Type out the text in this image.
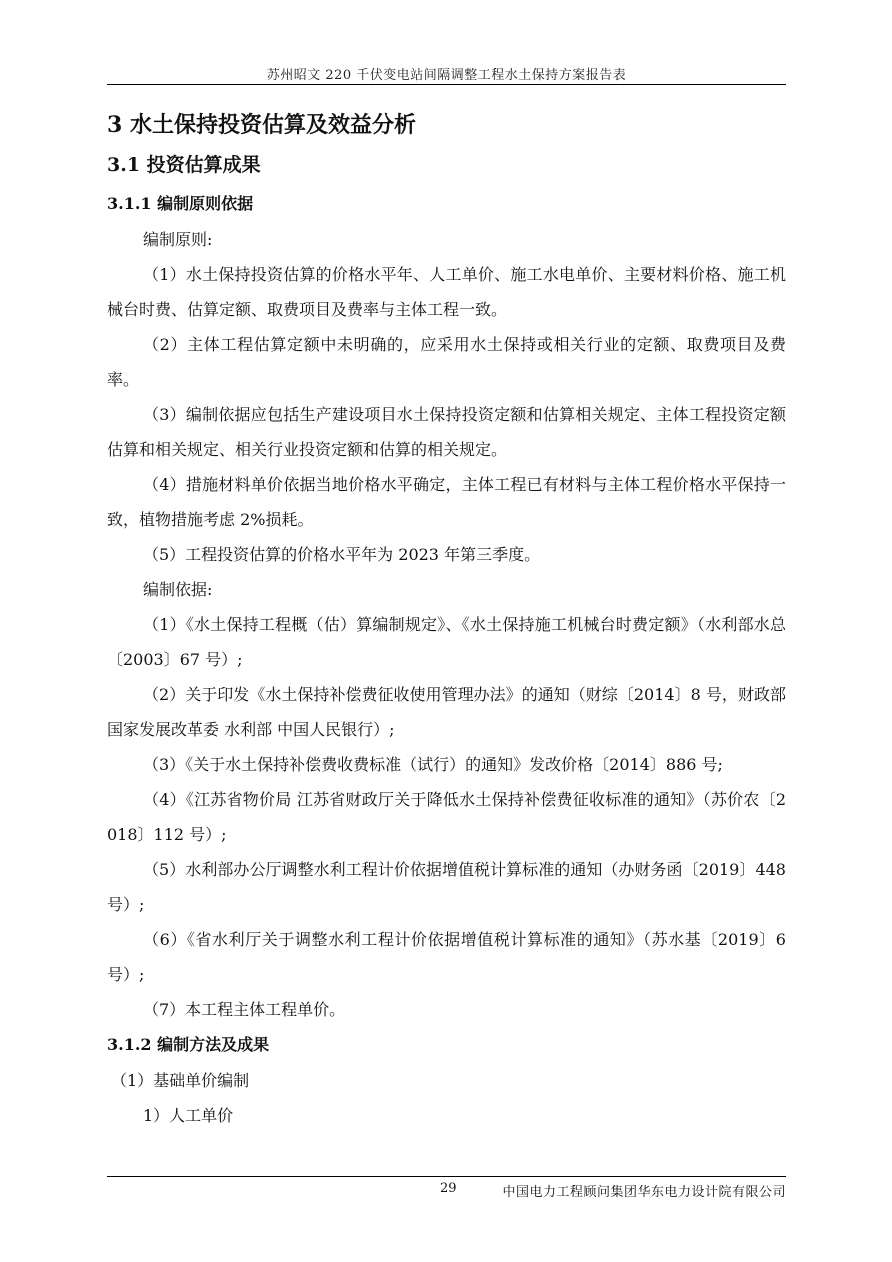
苏州昭文 220 千伏变电站间隔调整工程水土保持方案报告表
3 水土保持投资估算及效益分析
3.1 投资估算成果
3.1.1 编制原则依据

编制原则:

（1）水土保持投资估算的价格水平年、人工单价、施工水电单价、主要材料价格、施工机械台时费、估算定额、取费项目及费率与主体工程一致。

（2）主体工程估算定额中未明确的，应采用水土保持或相关行业的定额、取费项目及费率。

（3）编制依据应包括生产建设项目水土保持投资定额和估算相关规定、主体工程投资定额估算和相关规定、相关行业投资定额和估算的相关规定。

（4）措施材料单价依据当地价格水平确定，主体工程已有材料与主体工程价格水平保持一致，植物措施考虑 2%损耗。

（5）工程投资估算的价格水平年为 2023 年第三季度。

编制依据:

（1）《水土保持工程概（估）算编制规定》、《水土保持施工机械台时费定额》（水利部水总〔2003〕67 号）;

（2）关于印发《水土保持补偿费征收使用管理办法》的通知（财综〔2014〕8 号，财政部国家发展改革委 水利部 中国人民银行）;

（3）《关于水土保持补偿费收费标准（试行）的通知》发改价格〔2014〕886 号;

（4）《江苏省物价局 江苏省财政厅关于降低水土保持补偿费征收标准的通知》（苏价农〔2018〕112 号）;

（5）水利部办公厅调整水利工程计价依据增值税计算标准的通知（办财务函〔2019〕448 号）;

（6）《省水利厅关于调整水利工程计价依据增值税计算标准的通知》（苏水基〔2019〕6 号）;

（7）本工程主体工程单价。

3.1.2 编制方法及成果

（1）基础单价编制

1）人工单价

29	中国电力工程顾问集团华东电力设计院有限公司
